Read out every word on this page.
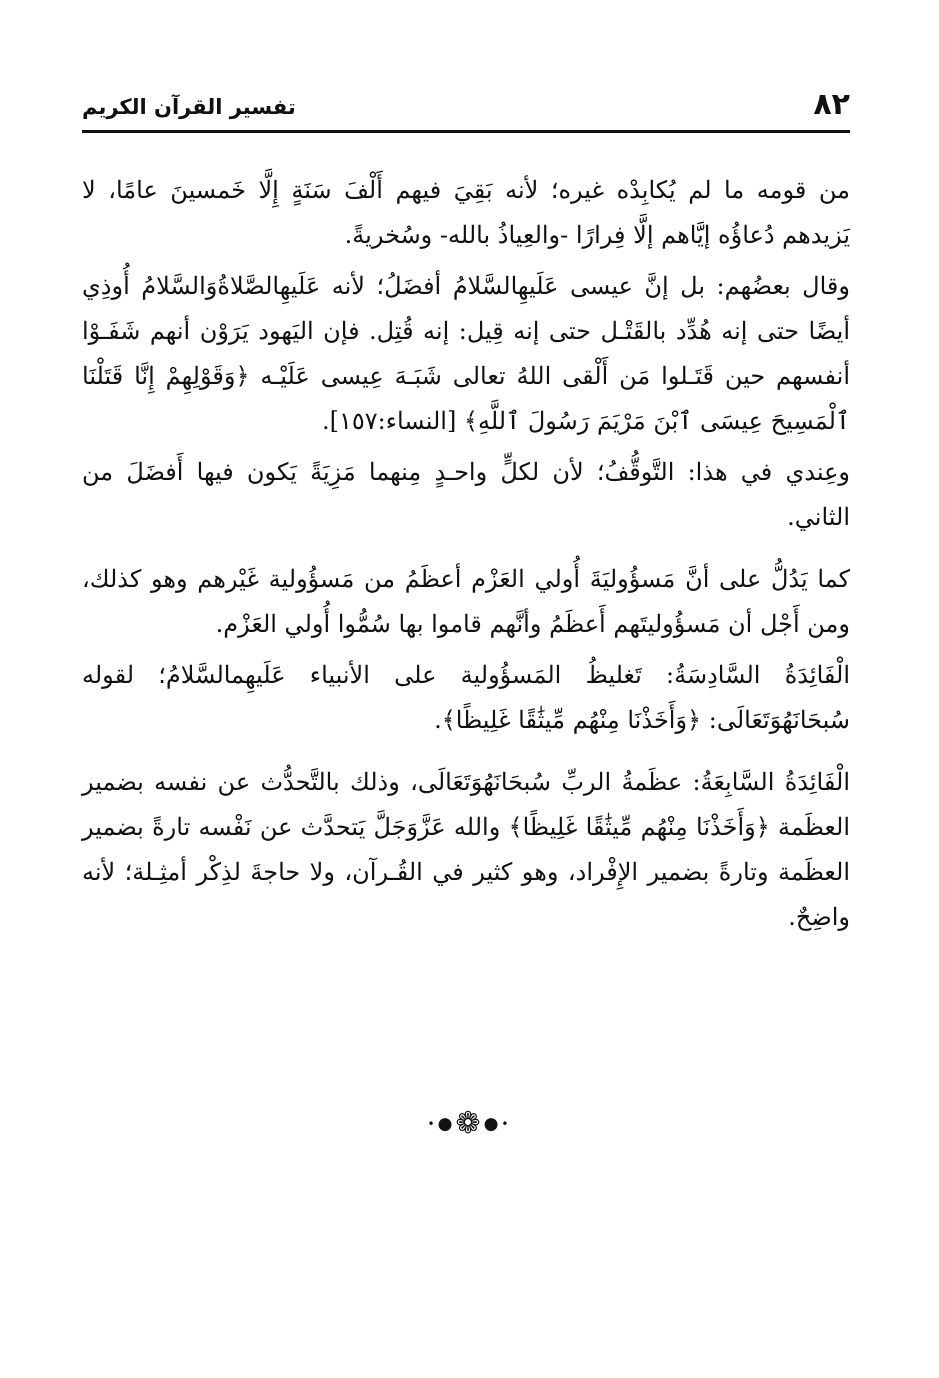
٨٢
تفسير القرآن الكريم

من قومه ما لم يُكابِدْه غيره؛ لأنه بَقِيَ فيهم أَلْفَ سَنَةٍ إِلَّا خَمسينَ عامًا، لا يَزيدهم دُعاؤُه إيَّاهم إلَّا فِرارًا -والعِياذُ بالله- وسُخريةً.

وقال بعضُهم: بل إنَّ عيسى عَلَيهِالسَّلامُ أفضَلُ؛ لأنه عَلَيهِالصَّلاةُوَالسَّلامُ أُوذِي أيضًا حتى إنه هُدِّد بالقَتْـل حتى إنه قِيل: إنه قُتِل. فإن اليَهود يَرَوْن أنهم شَفَـوْا أنفسهم حين قَتَـلوا مَن أَلْقى اللهُ تعالى شَبَـهَ عِيسى عَلَيْـه ﴿وَقَوْلِهِمْ إِنَّا قَتَلْنَا ٱلْمَسِيحَ عِيسَى ٱبْنَ مَرْيَمَ رَسُولَ ٱللَّهِ﴾ [النساء:١٥٧].

وعِندي في هذا: التَّوقُّفُ؛ لأن لكلٍّ واحـدٍ مِنهما مَزِيَةً يَكون فيها أَفضَلَ من الثاني.

كما يَدُلُّ على أنَّ مَسؤُوليَةَ أُولي العَزْم أعظَمُ من مَسؤُولية غَيْرهم وهو كذلك، ومن أَجْل أن مَسؤُوليتَهم أَعظَمُ وأنَّهم قاموا بها سُمُّوا أُولي العَزْم.

الْفَائِدَةُ السَّادِسَةُ: تَغليظُ المَسؤُولية على الأنبياء عَلَيهِمالسَّلامُ؛ لقوله سُبحَانَهُوَتَعَالَى: ﴿وَأَخَذْنَا مِنْهُم مِّيثَٰقًا غَلِيظًا﴾.

الْفَائِدَةُ السَّابِعَةُ: عظَمةُ الربِّ سُبحَانَهُوَتَعَالَى، وذلك بالتَّحدُّث عن نفسه بضمير العظَمة ﴿وَأَخَذْنَا مِنْهُم مِّيثَٰقًا غَلِيظًا﴾ والله عَزَّوَجَلَّ يَتحدَّث عن نَفْسه تارةً بضمير العظَمة وتارةً بضمير الإِفْراد، وهو كثير في القُـرآن، ولا حاجةَ لذِكْر أمثِـلة؛ لأنه واضِحٌ.

•●❁●•
